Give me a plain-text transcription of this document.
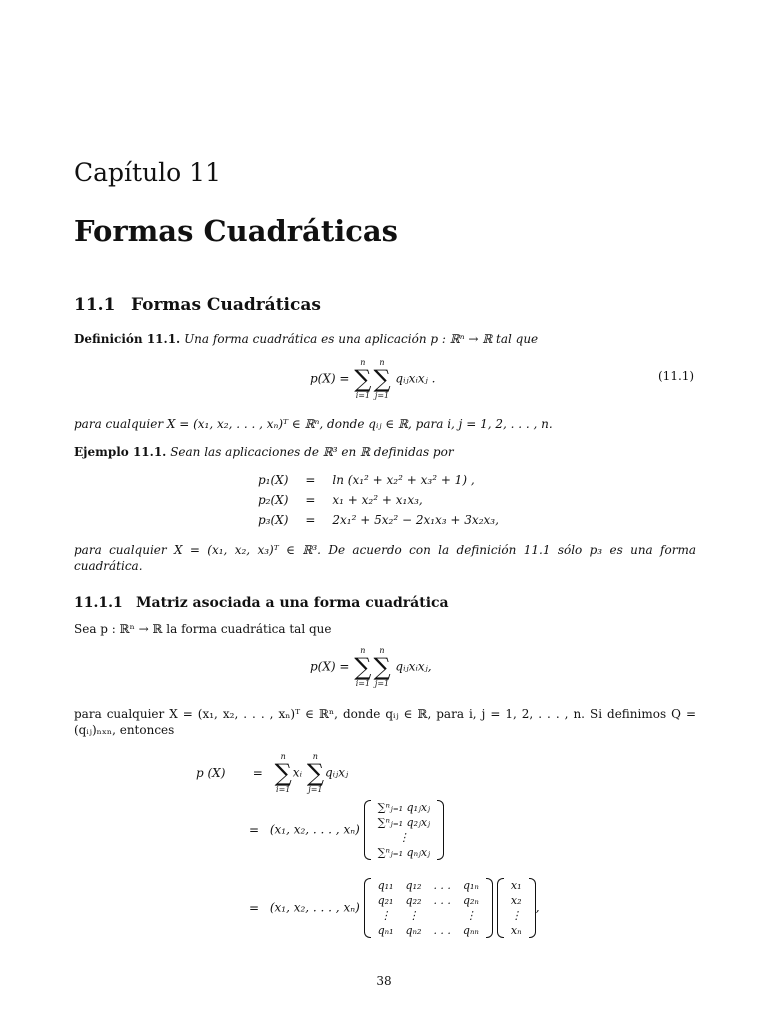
Capítulo 11
Formas Cuadráticas
11.1 Formas Cuadráticas
Definición 11.1. Una forma cuadrática es una aplicación p : ℝⁿ → ℝ tal que
p(X) =
n
∑
i=1
n
∑
j=1
qᵢⱼxᵢxⱼ .	(11.1)
para cualquier X = (x₁, x₂, . . . , xₙ)ᵀ ∈ ℝⁿ, donde qᵢⱼ ∈ ℝ, para i, j = 1, 2, . . . , n.
Ejemplo 11.1. Sean las aplicaciones de ℝ³ en ℝ definidas por
p₁(X)	=	ln (x₁² + x₂² + x₃² + 1) ,
p₂(X)	=	x₁ + x₂² + x₁x₃,
p₃(X)	=	2x₁² + 5x₂² − 2x₁x₃ + 3x₂x₃,
para cualquier X = (x₁, x₂, x₃)ᵀ ∈ ℝ³. De acuerdo con la definición 11.1 sólo p₃ es una forma cuadrática.
11.1.1 Matriz asociada a una forma cuadrática
Sea p : ℝⁿ → ℝ la forma cuadrática tal que
p(X) =
n
∑
i=1
n
∑
j=1
qᵢⱼxᵢxⱼ,
para cualquier X = (x₁, x₂, . . . , xₙ)ᵀ ∈ ℝⁿ, donde qᵢⱼ ∈ ℝ, para i, j = 1, 2, . . . , n. Si definimos Q = (qᵢⱼ)ₙₓₙ, entonces
p (X) =
n
∑
i=1
xᵢ
n
∑
j=1
qᵢⱼxⱼ
= (x₁, x₂, . . . , xₙ)
∑ⁿⱼ₌₁ q₁ⱼxⱼ
∑ⁿⱼ₌₁ q₂ⱼxⱼ
⋮
∑ⁿⱼ₌₁ qₙⱼxⱼ
= (x₁, x₂, . . . , xₙ)
q₁₁	q₁₂	. . .	q₁ₙ
q₂₁	q₂₂	. . .	q₂ₙ
⋮	⋮		⋮
qₙ₁	qₙ₂	. . .	qₙₙ

x₁
x₂
⋮
xₙ
,
38
